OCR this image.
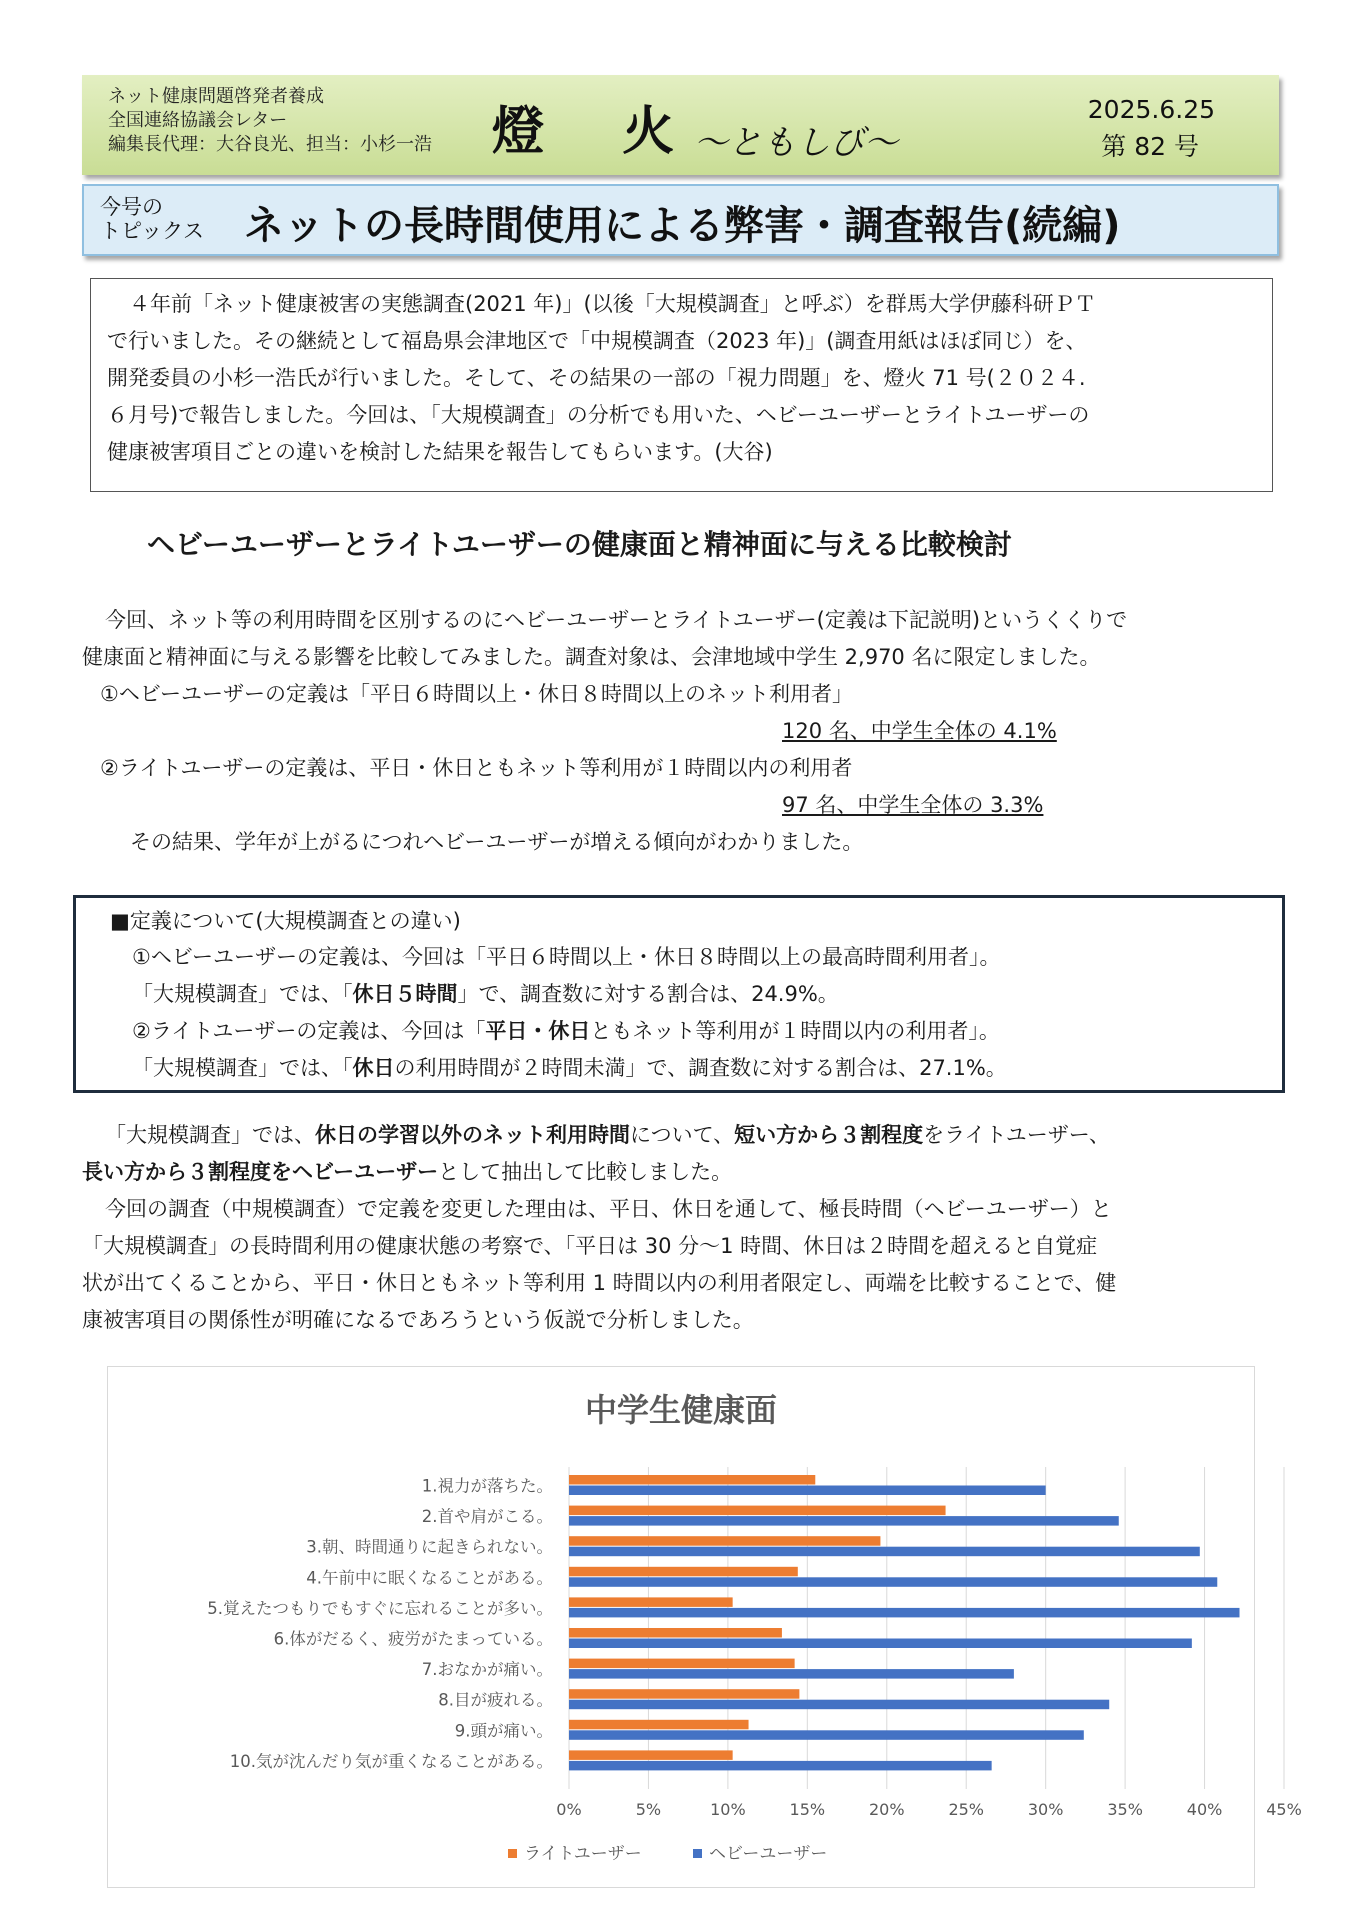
ネット健康問題啓発者養成
全国連絡協議会レター
編集長代理：大谷良光、担当：小杉一浩 燈 火
〜ともしび〜
2025.6.25
第 82 号
今号の
トピックス ネットの長時間使用による弊害・調査報告(続編)
４年前「ネット健康被害の実態調査(2021 年)」(以後「大規模調査」と呼ぶ）を群馬大学伊藤科研ＰＴ
で行いました。その継続として福島県会津地区で「中規模調査（2023 年)」(調査用紙はほぼ同じ）を、
開発委員の小杉一浩氏が行いました。そして、その結果の一部の「視力問題」を、燈火 71 号(２０２４.
６月号)で報告しました。今回は、「大規模調査」の分析でも用いた、ヘビーユーザーとライトユーザーの
健康被害項目ごとの違いを検討した結果を報告してもらいます。(大谷)
ヘビーユーザーとライトユーザーの健康面と精神面に与える比較検討
今回、ネット等の利用時間を区別するのにヘビーユーザーとライトユーザー(定義は下記説明)というくくりで
健康面と精神面に与える影響を比較してみました。調査対象は、会津地域中学生 2,970 名に限定しました。
①ヘビーユーザーの定義は「平日６時間以上・休日８時間以上のネット利用者」
120 名、中学生全体の 4.1%
②ライトユーザーの定義は、平日・休日ともネット等利用が１時間以内の利用者
97 名、中学生全体の 3.3%
その結果、学年が上がるにつれヘビーユーザーが増える傾向がわかりました。
■定義について(大規模調査との違い)
①ヘビーユーザーの定義は、今回は「平日６時間以上・休日８時間以上の最高時間利用者」。
「大規模調査」では、「休日５時間」で、調査数に対する割合は、24.9%。
②ライトユーザーの定義は、今回は「平日・休日ともネット等利用が１時間以内の利用者」。
「大規模調査」では、「休日の利用時間が２時間未満」で、調査数に対する割合は、27.1%。
「大規模調査」では、休日の学習以外のネット利用時間について、短い方から３割程度をライトユーザー、
長い方から３割程度をヘビーユーザーとして抽出して比較しました。
今回の調査（中規模調査）で定義を変更した理由は、平日、休日を通して、極長時間（ヘビーユーザー）と
「大規模調査」の長時間利用の健康状態の考察で、「平日は 30 分〜1 時間、休日は２時間を超えると自覚症
状が出てくることから、平日・休日ともネット等利用 1 時間以内の利用者限定し、両端を比較することで、健
康被害項目の関係性が明確になるであろうという仮説で分析しました。
中学生健康面
0%	5%	10%	15%	20%	25%	30%	35%	40%	45%
1.視力が落ちた。
2.首や肩がこる。
3.朝、時間通りに起きられない。
4.午前中に眠くなることがある。
5.覚えたつもりでもすぐに忘れることが多い。
6.体がだるく、疲労がたまっている。
7.おなかが痛い。
8.目が疲れる。
9.頭が痛い。
10.気が沈んだり気が重くなることがある。
ライトユーザー	ヘビーユーザー
